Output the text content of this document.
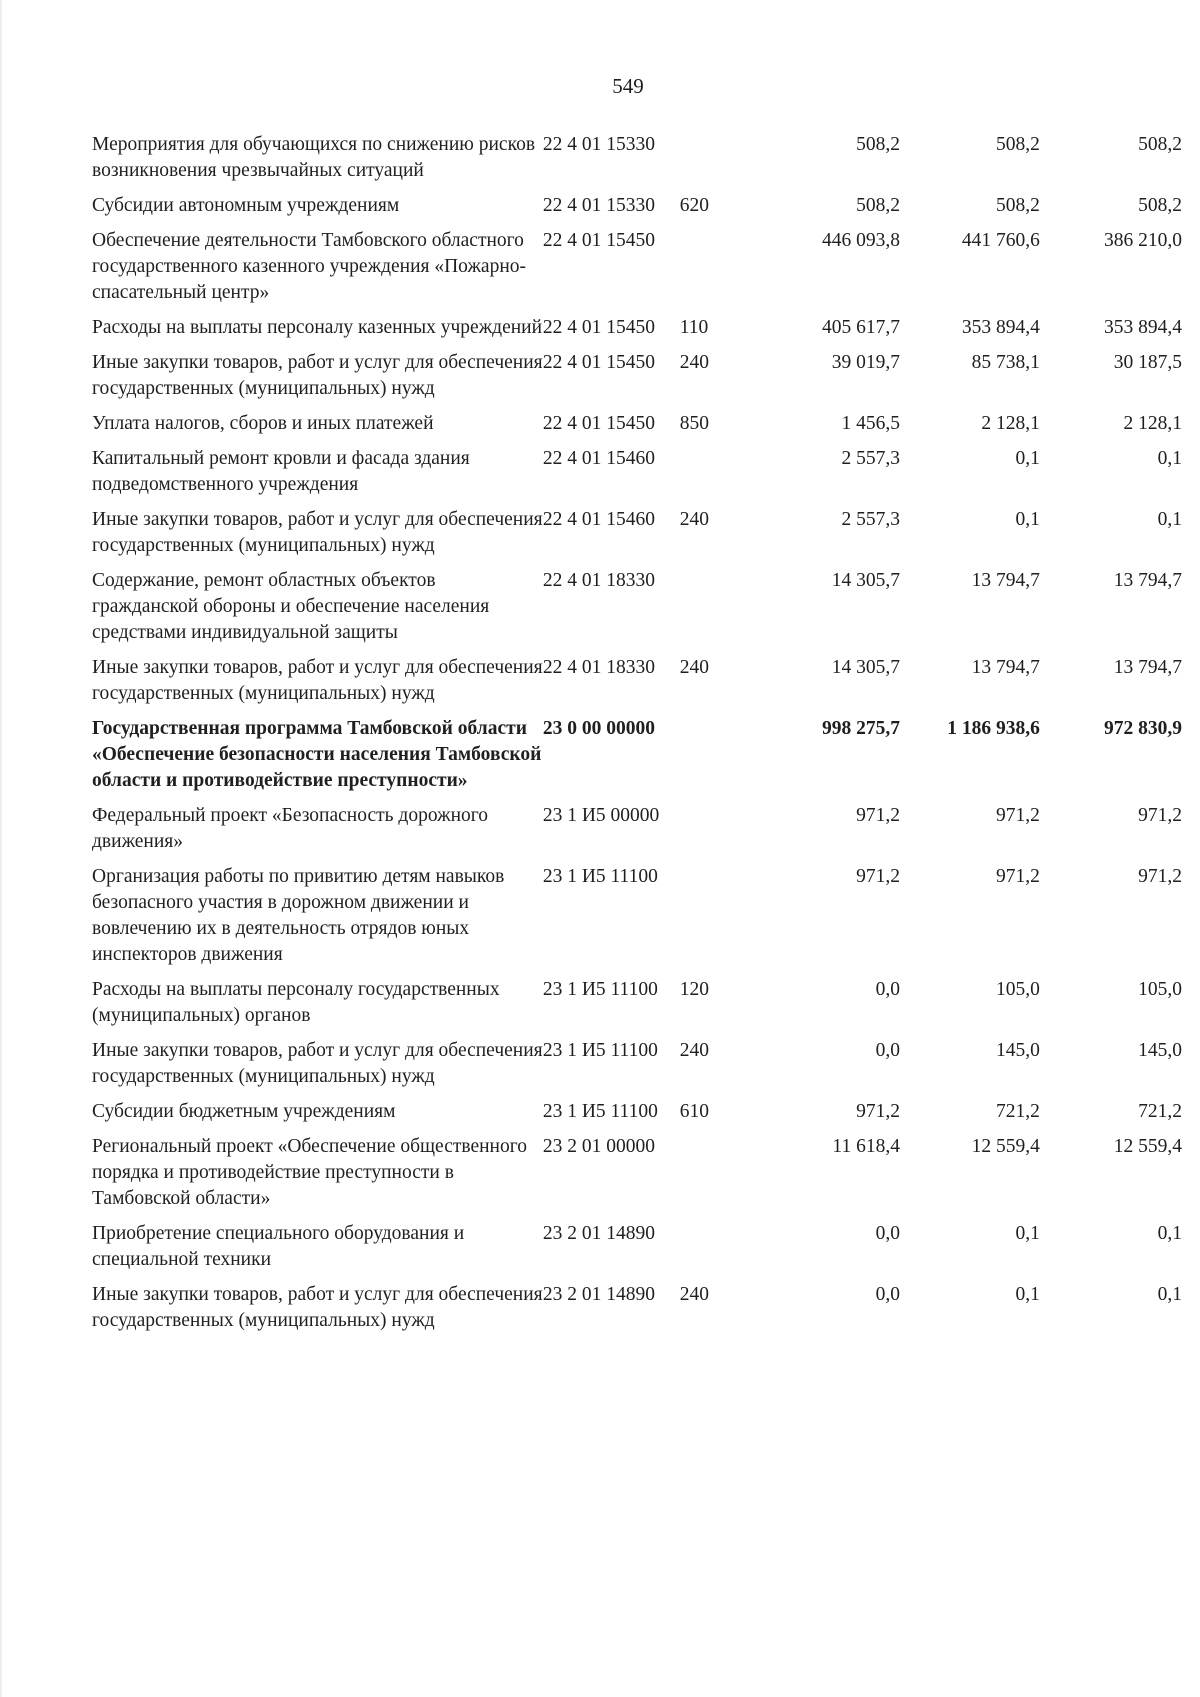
549
Мероприятия для обучающихся по снижению рисков возникновения чрезвычайных ситуаций	22 4 01 15330		508,2	508,2	508,2
Субсидии автономным учреждениям	22 4 01 15330	620	508,2	508,2	508,2
Обеспечение деятельности Тамбовского областного государственного казенного учреждения «Пожарно-спасательный центр»	22 4 01 15450		446 093,8	441 760,6	386 210,0
Расходы на выплаты персоналу казенных учреждений	22 4 01 15450	110	405 617,7	353 894,4	353 894,4
Иные закупки товаров, работ и услуг для обеспечения государственных (муниципальных) нужд	22 4 01 15450	240	39 019,7	85 738,1	30 187,5
Уплата налогов, сборов и иных платежей	22 4 01 15450	850	1 456,5	2 128,1	2 128,1
Капитальный ремонт кровли и фасада здания подведомственного учреждения	22 4 01 15460		2 557,3	0,1	0,1
Иные закупки товаров, работ и услуг для обеспечения государственных (муниципальных) нужд	22 4 01 15460	240	2 557,3	0,1	0,1
Содержание, ремонт областных объектов гражданской обороны и обеспечение населения средствами индивидуальной защиты	22 4 01 18330		14 305,7	13 794,7	13 794,7
Иные закупки товаров, работ и услуг для обеспечения государственных (муниципальных) нужд	22 4 01 18330	240	14 305,7	13 794,7	13 794,7
Государственная программа Тамбовской области «Обеспечение безопасности населения Тамбовской области и противодействие преступности»	23 0 00 00000		998 275,7	1 186 938,6	972 830,9
Федеральный проект «Безопасность дорожного движения»	23 1 И5 00000		971,2	971,2	971,2
Организация работы по привитию детям навыков безопасного участия в дорожном движении и вовлечению их в деятельность отрядов юных инспекторов движения	23 1 И5 11100		971,2	971,2	971,2
Расходы на выплаты персоналу государственных (муниципальных) органов	23 1 И5 11100	120	0,0	105,0	105,0
Иные закупки товаров, работ и услуг для обеспечения государственных (муниципальных) нужд	23 1 И5 11100	240	0,0	145,0	145,0
Субсидии бюджетным учреждениям	23 1 И5 11100	610	971,2	721,2	721,2
Региональный проект «Обеспечение общественного порядка и противодействие преступности в Тамбовской области»	23 2 01 00000		11 618,4	12 559,4	12 559,4
Приобретение специального оборудования и специальной техники	23 2 01 14890		0,0	0,1	0,1
Иные закупки товаров, работ и услуг для обеспечения государственных (муниципальных) нужд	23 2 01 14890	240	0,0	0,1	0,1
